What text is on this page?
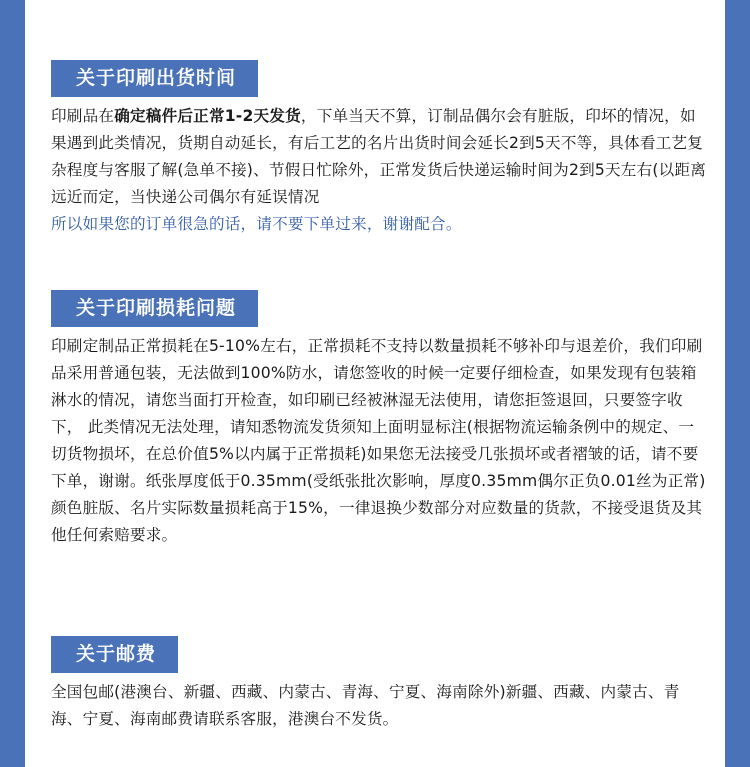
关于印刷出货时间
印刷品在确定稿件后正常1-2天发货，下单当天不算，订制品偶尔会有脏版，印坏的情况，如果遇到此类情况，货期自动延长，有后工艺的名片出货时间会延长2到5天不等，具体看工艺复杂程度与客服了解(急单不接)、节假日忙除外，正常发货后快递运输时间为2到5天左右(以距离远近而定，当快递公司偶尔有延误情况
所以如果您的订单很急的话，请不要下单过来，谢谢配合。
关于印刷损耗问题
印刷定制品正常损耗在5-10%左右，正常损耗不支持以数量损耗不够补印与退差价，我们印刷品采用普通包装，无法做到100%防水，请您签收的时候一定要仔细检查，如果发现有包装箱淋水的情况，请您当面打开检查，如印刷已经被淋湿无法使用，请您拒签退回，只要签字收下， 此类情况无法处理，请知悉物流发货须知上面明显标注(根据物流运输条例中的规定、一切货物损坏，在总价值5%以内属于正常损耗)如果您无法接受几张损坏或者褶皱的话，请不要下单，谢谢。纸张厚度低于0.35mm(受纸张批次影响，厚度0.35mm偶尔正负0.01丝为正常)颜色脏版、名片实际数量损耗高于15%，一律退换少数部分对应数量的货款，不接受退货及其他任何索赔要求。
关于邮费
全国包邮(港澳台、新疆、西藏、内蒙古、青海、宁夏、海南除外)新疆、西藏、内蒙古、青海、宁夏、海南邮费请联系客服，港澳台不发货。
